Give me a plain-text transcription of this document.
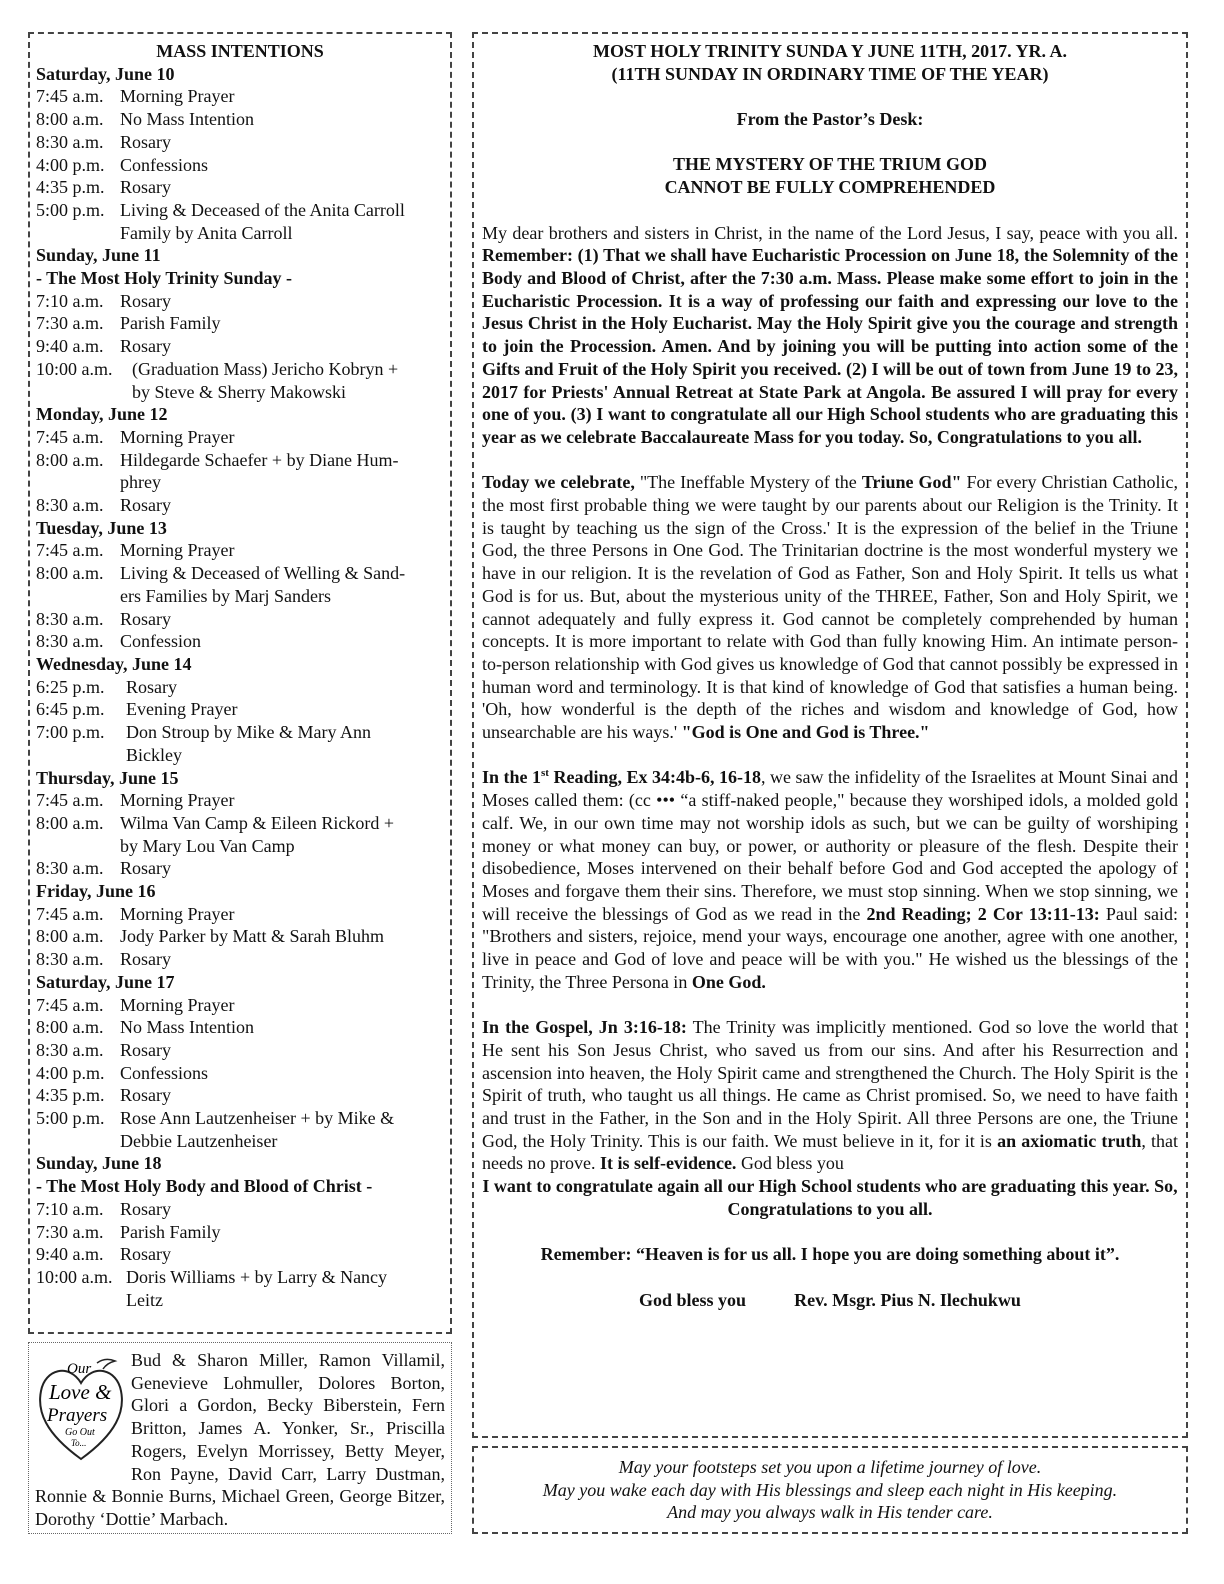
MASS INTENTIONS
Saturday, June 10
7:45 a.m. Morning Prayer
8:00 a.m. No Mass Intention
8:30 a.m. Rosary
4:00 p.m. Confessions
4:35 p.m. Rosary
5:00 p.m. Living & Deceased of the Anita Carroll
Family by Anita Carroll
Sunday, June 11
- The Most Holy Trinity Sunday -
7:10 a.m. Rosary
7:30 a.m. Parish Family
9:40 a.m. Rosary
10:00 a.m. (Graduation Mass) Jericho Kobryn +
by Steve & Sherry Makowski
Monday, June 12
7:45 a.m. Morning Prayer
8:00 a.m. Hildegarde Schaefer + by Diane Hum-
phrey
8:30 a.m. Rosary
Tuesday, June 13
7:45 a.m. Morning Prayer
8:00 a.m. Living & Deceased of Welling & Sand-
ers Families by Marj Sanders
8:30 a.m. Rosary
8:30 a.m. Confession
Wednesday, June 14
6:25 p.m. Rosary
6:45 p.m. Evening Prayer
7:00 p.m. Don Stroup by Mike & Mary Ann
Bickley
Thursday, June 15
7:45 a.m. Morning Prayer
8:00 a.m. Wilma Van Camp & Eileen Rickord +
by Mary Lou Van Camp
8:30 a.m. Rosary
Friday, June 16
7:45 a.m. Morning Prayer
8:00 a.m. Jody Parker by Matt & Sarah Bluhm
8:30 a.m. Rosary
Saturday, June 17
7:45 a.m. Morning Prayer
8:00 a.m. No Mass Intention
8:30 a.m. Rosary
4:00 p.m. Confessions
4:35 p.m. Rosary
5:00 p.m. Rose Ann Lautzenheiser + by Mike &
Debbie Lautzenheiser
Sunday, June 18
- The Most Holy Body and Blood of Christ -
7:10 a.m. Rosary
7:30 a.m. Parish Family
9:40 a.m. Rosary
10:00 a.m. Doris Williams + by Larry & Nancy
Leitz
Our
Love &
Prayers
Go Out
To...
Bud & Sharon Miller, Ramon Villamil, Genevieve Lohmuller, Dolores Borton, Glori a Gordon, Becky Biberstein, Fern Britton, James A. Yonker, Sr., Priscilla Rogers, Evelyn Morrissey, Betty Meyer, Ron Payne, David Carr, Larry Dustman, Ronnie & Bonnie Burns, Michael Green, George Bitzer, Dorothy ‘Dottie’ Marbach.
MOST HOLY TRINITY SUNDA Y JUNE 11TH, 2017. YR. A.
(11TH SUNDAY IN ORDINARY TIME OF THE YEAR)
From the Pastor’s Desk:
THE MYSTERY OF THE TRIUM GOD
CANNOT BE FULLY COMPREHENDED

My dear brothers and sisters in Christ, in the name of the Lord Jesus, I say, peace with you all. Remember: (1) That we shall have Eucharistic Procession on June 18, the Solemnity of the Body and Blood of Christ, after the 7:30 a.m. Mass. Please make some effort to join in the Eucharistic Procession. It is a way of professing our faith and expressing our love to the Jesus Christ in the Holy Eucharist. May the Holy Spirit give you the courage and strength to join the Procession. Amen. And by joining you will be putting into action some of the Gifts and Fruit of the Holy Spirit you received. (2) I will be out of town from June 19 to 23, 2017 for Priests' Annual Retreat at State Park at Angola. Be assured I will pray for every one of you. (3) I want to congratulate all our High School students who are graduating this year as we celebrate Baccalaureate Mass for you today. So, Congratulations to you all.

Today we celebrate, "The Ineffable Mystery of the Triune God" For every Christian Catholic, the most first probable thing we were taught by our parents about our Religion is the Trinity. It is taught by teaching us the sign of the Cross.' It is the expression of the belief in the Triune God, the three Persons in One God. The Trinitarian doctrine is the most wonderful mystery we have in our religion. It is the revelation of God as Father, Son and Holy Spirit. It tells us what God is for us. But, about the mysterious unity of the THREE, Father, Son and Holy Spirit, we cannot adequately and fully express it. God cannot be completely comprehended by human concepts. It is more important to relate with God than fully knowing Him. An intimate person-to-person relationship with God gives us knowledge of God that cannot possibly be expressed in human word and terminology. It is that kind of knowledge of God that satisfies a human being. 'Oh, how wonderful is the depth of the riches and wisdom and knowledge of God, how unsearchable are his ways.' "God is One and God is Three."

In the 1st Reading, Ex 34:4b-6, 16-18, we saw the infidelity of the Israelites at Mount Sinai and Moses called them: (cc ••• “a stiff-naked people," because they worshiped idols, a molded gold calf. We, in our own time may not worship idols as such, but we can be guilty of worshiping money or what money can buy, or power, or authority or pleasure of the flesh. Despite their disobedience, Moses intervened on their behalf before God and God accepted the apology of Moses and forgave them their sins. Therefore, we must stop sinning. When we stop sinning, we will receive the blessings of God as we read in the 2nd Reading; 2 Cor 13:11-13: Paul said: "Brothers and sisters, rejoice, mend your ways, encourage one another, agree with one another, live in peace and God of love and peace will be with you." He wished us the blessings of the Trinity, the Three Persona in One God.

In the Gospel, Jn 3:16-18: The Trinity was implicitly mentioned. God so love the world that He sent his Son Jesus Christ, who saved us from our sins. And after his Resurrection and ascension into heaven, the Holy Spirit came and strengthened the Church. The Holy Spirit is the Spirit of truth, who taught us all things. He came as Christ promised. So, we need to have faith and trust in the Father, in the Son and in the Holy Spirit. All three Persons are one, the Triune God, the Holy Trinity. This is our faith. We must believe in it, for it is an axiomatic truth, that needs no prove. It is self-evidence. God bless you

I want to congratulate again all our High School students who are graduating this year. So, Congratulations to you all.
Remember: “Heaven is for us all. I hope you are doing something about it”.
God bless you	Rev. Msgr. Pius N. Ilechukwu
May your footsteps set you upon a lifetime journey of love.
May you wake each day with His blessings and sleep each night in His keeping.
And may you always walk in His tender care.
